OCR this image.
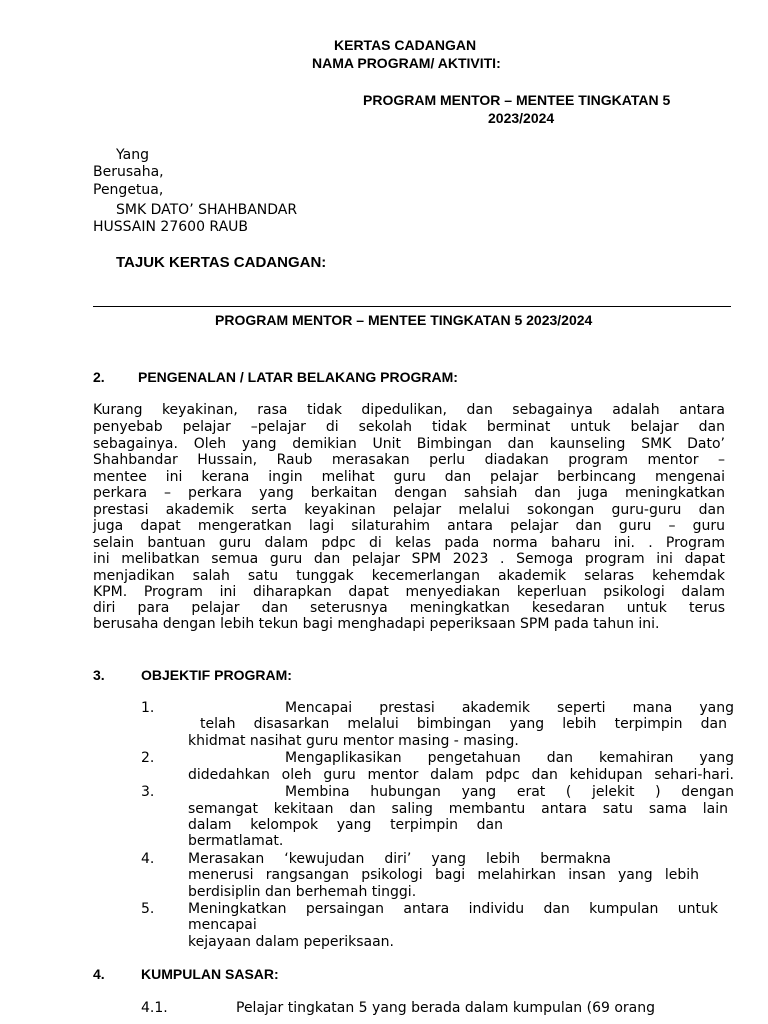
KERTAS CADANGAN
NAMA PROGRAM/ AKTIVITI:
PROGRAM MENTOR – MENTEE TINGKATAN 5
2023/2024
Yang
Berusaha,
Pengetua,
SMK DATO’ SHAHBANDAR
HUSSAIN 27600 RAUB
TAJUK KERTAS CADANGAN:
PROGRAM MENTOR – MENTEE TINGKATAN 5 2023/2024
2. PENGENALAN / LATAR BELAKANG PROGRAM:
Kurang keyakinan, rasa tidak dipedulikan, dan sebagainya adalah antara
penyebab pelajar –pelajar di sekolah tidak berminat untuk belajar dan
sebagainya. Oleh yang demikian Unit Bimbingan dan kaunseling SMK Dato’
Shahbandar Hussain, Raub merasakan perlu diadakan program mentor –
mentee ini kerana ingin melihat guru dan pelajar berbincang mengenai
perkara – perkara yang berkaitan dengan sahsiah dan juga meningkatkan
prestasi akademik serta keyakinan pelajar melalui sokongan guru-guru dan
juga dapat mengeratkan lagi silaturahim antara pelajar dan guru – guru
selain bantuan guru dalam pdpc di kelas pada norma baharu ini. . Program
ini melibatkan semua guru dan pelajar SPM 2023 . Semoga program ini dapat
menjadikan salah satu tunggak kecemerlangan akademik selaras kehemdak
KPM. Program ini diharapkan dapat menyediakan keperluan psikologi dalam
diri para pelajar dan seterusnya meningkatkan kesedaran untuk terus
berusaha dengan lebih tekun bagi menghadapi peperiksaan SPM pada tahun ini.
3.	OBJEKTIF PROGRAM:
1.	Mencapai prestasi akademik seperti mana yang
telah disasarkan melalui bimbingan yang lebih terpimpin dan
khidmat nasihat guru mentor masing - masing.
2.	Mengaplikasikan pengetahuan dan kemahiran yang
didedahkan oleh guru mentor dalam pdpc dan kehidupan sehari-hari.
3.	Membina hubungan yang erat ( jelekit ) dengan
semangat kekitaan dan saling membantu antara satu sama lain
dalam kelompok yang terpimpin dan
bermatlamat.
4. Merasakan ‘kewujudan diri’ yang lebih bermakna
menerusi rangsangan psikologi bagi melahirkan insan yang lebih
berdisiplin dan berhemah tinggi.
5. Meningkatkan persaingan antara individu dan kumpulan untuk
mencapai
kejayaan dalam peperiksaan.
4.	KUMPULAN SASAR:
4.1.	Pelajar tingkatan 5 yang berada dalam kumpulan (69 orang
